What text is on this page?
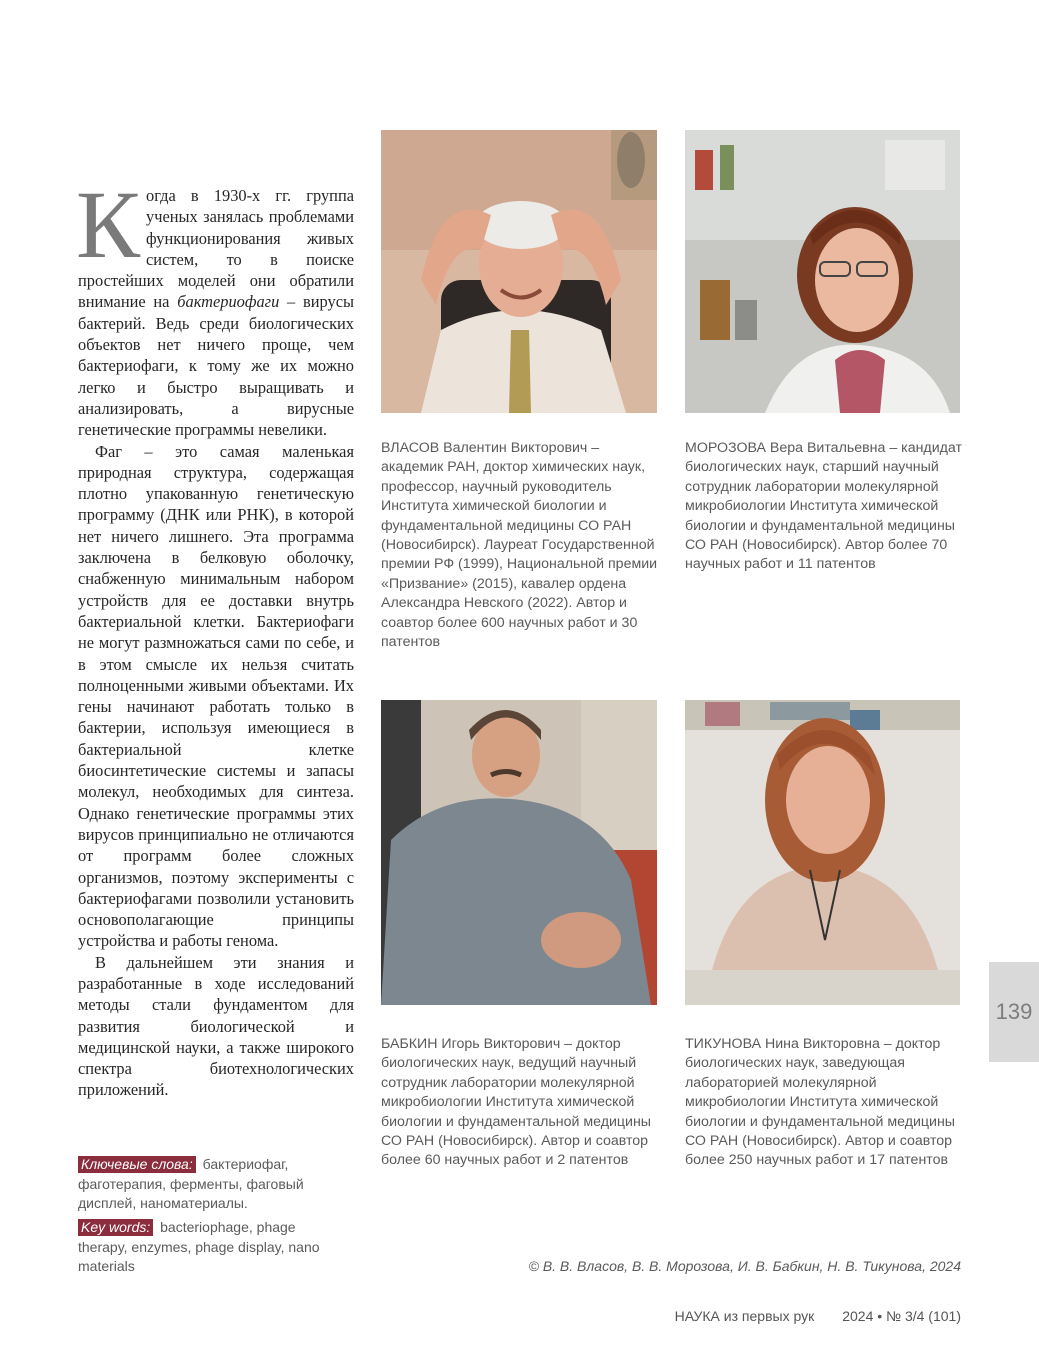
Когда в 1930-х гг. группа ученых занялась проблемами функционирования живых систем, то в поиске простейших моделей они обратили внимание на бактериофаги – вирусы бактерий. Ведь среди биологических объектов нет ничего проще, чем бактериофаги, к тому же их можно легко и быстро выращивать и анализировать, а вирусные генетические программы невелики.

Фаг – это самая маленькая природная структура, содержащая плотно упакованную генетическую программу (ДНК или РНК), в которой нет ничего лишнего. Эта программа заключена в белковую оболочку, снабженную минимальным набором устройств для ее доставки внутрь бактериальной клетки. Бактериофаги не могут размножаться сами по себе, и в этом смысле их нельзя считать полноценными живыми объектами. Их гены начинают работать только в бактерии, используя имеющиеся в бактериальной клетке биосинтетические системы и запасы молекул, необходимых для синтеза. Однако генетические программы этих вирусов принципиально не отличаются от программ более сложных организмов, поэтому эксперименты с бактериофагами позволили установить основополагающие принципы устройства и работы генома.

В дальнейшем эти знания и разработанные в ходе исследований методы стали фундаментом для развития биологической и медицинской науки, а также широкого спектра биотехнологических приложений.

Ключевые слова: бактериофаг, фаготерапия, ферменты, фаговый дисплей, наноматериалы.
Key words: bacteriophage, phage therapy, enzymes, phage display, nano materials
ВЛАСОВ Валентин Викторович – академик РАН, доктор химических наук, профессор, научный руководитель Института химической биологии и фундаментальной медицины СО РАН (Новосибирск). Лауреат Государственной премии РФ (1999), Национальной премии «Призвание» (2015), кавалер ордена Александра Невского (2022). Автор и соавтор более 600 научных работ и 30 патентов
МОРОЗОВА Вера Витальевна – кандидат биологических наук, старший научный сотрудник лаборатории молекулярной микробиологии Института химической биологии и фундаментальной медицины СО РАН (Новосибирск). Автор более 70 научных работ и 11 патентов
БАБКИН Игорь Викторович – доктор биологических наук, ведущий научный сотрудник лаборатории молекулярной микробиологии Института химической биологии и фундаментальной медицины СО РАН (Новосибирск). Автор и соавтор более 60 научных работ и 2 патентов
ТИКУНОВА Нина Викторовна – доктор биологических наук, заведующая лабораторией молекулярной микробиологии Института химической биологии и фундаментальной медицины СО РАН (Новосибирск). Автор и соавтор более 250 научных работ и 17 патентов
© В. В. Власов, В. В. Морозова, И. В. Бабкин, Н. В. Тикунова, 2024
НАУКА из первых рук 2024 • № 3/4 (101)
139
